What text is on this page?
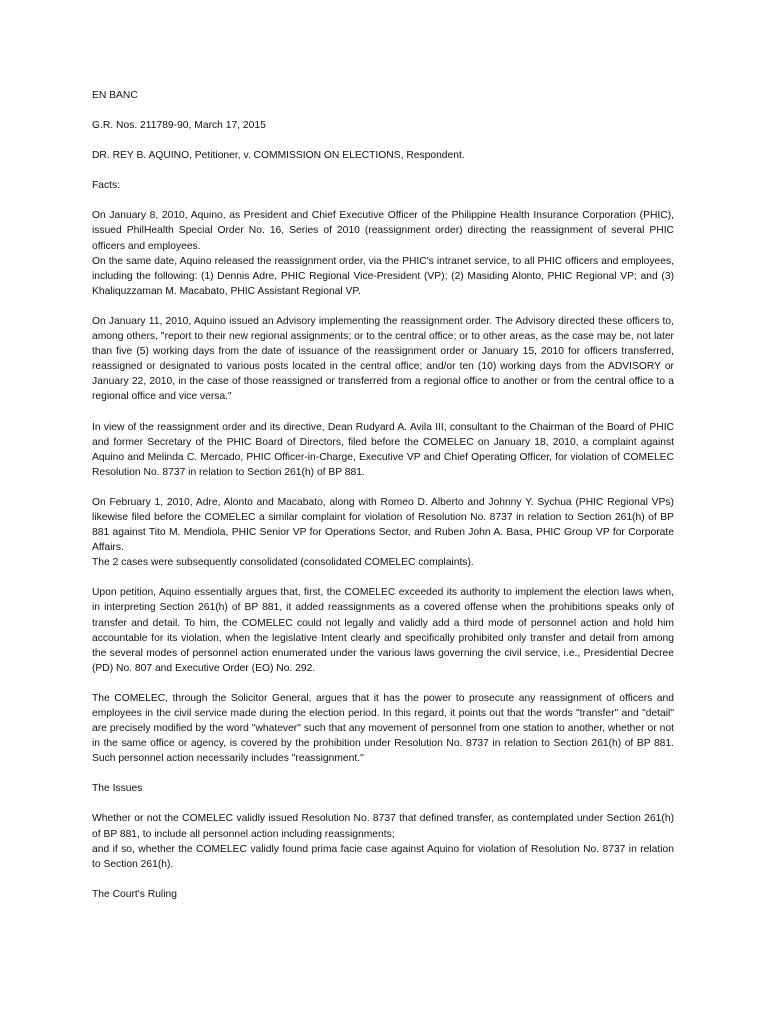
EN BANC

G.R. Nos. 211789-90, March 17, 2015

DR. REY B. AQUINO, Petitioner, v. COMMISSION ON ELECTIONS, Respondent.

Facts:

On January 8, 2010, Aquino, as President and Chief Executive Officer of the Philippine Health Insurance Corporation (PHIC), issued PhilHealth Special Order No. 16, Series of 2010 (reassignment order) directing the reassignment of several PHIC officers and employees.

On the same date, Aquino released the reassignment order, via the PHIC's intranet service, to all PHIC officers and employees, including the following: (1) Dennis Adre, PHIC Regional Vice-President (VP); (2) Masiding Alonto, PHIC Regional VP; and (3) Khaliquzzaman M. Macabato, PHIC Assistant Regional VP.

On January 11, 2010, Aquino issued an Advisory implementing the reassignment order. The Advisory directed these officers to, among others, "report to their new regional assignments; or to the central office; or to other areas, as the case may be, not later than five (5) working days from the date of issuance of the reassignment order or January 15, 2010 for officers transferred, reassigned or designated to various posts located in the central office; and/or ten (10) working days from the ADVISORY or January 22, 2010, in the case of those reassigned or transferred from a regional office to another or from the central office to a regional office and vice versa."

In view of the reassignment order and its directive, Dean Rudyard A. Avila III, consultant to the Chairman of the Board of PHIC and former Secretary of the PHIC Board of Directors, filed before the COMELEC on January 18, 2010, a complaint against Aquino and Melinda C. Mercado, PHIC Officer-in-Charge, Executive VP and Chief Operating Officer, for violation of COMELEC Resolution No. 8737 in relation to Section 261(h) of BP 881.

On February 1, 2010, Adre, Alonto and Macabato, along with Romeo D. Alberto and Johnny Y. Sychua (PHIC Regional VPs) likewise filed before the COMELEC a similar complaint for violation of Resolution No. 8737 in relation to Section 261(h) of BP 881 against Tito M. Mendiola, PHIC Senior VP for Operations Sector, and Ruben John A. Basa, PHIC Group VP for Corporate Affairs.

The 2 cases were subsequently consolidated (consolidated COMELEC complaints).

Upon petition, Aquino essentially argues that, first, the COMELEC exceeded its authority to implement the election laws when, in interpreting Section 261(h) of BP 881, it added reassignments as a covered offense when the prohibitions speaks only of transfer and detail. To him, the COMELEC could not legally and validly add a third mode of personnel action and hold him accountable for its violation, when the legislative Intent clearly and specifically prohibited only transfer and detail from among the several modes of personnel action enumerated under the various laws governing the civil service, i.e., Presidential Decree (PD) No. 807 and Executive Order (EO) No. 292.

The COMELEC, through the Solicitor General, argues that it has the power to prosecute any reassignment of officers and employees in the civil service made during the election period. In this regard, it points out that the words "transfer" and "detail" are precisely modified by the word "whatever" such that any movement of personnel from one station to another, whether or not in the same office or agency, is covered by the prohibition under Resolution No. 8737 in relation to Section 261(h) of BP 881. Such personnel action necessarily includes "reassignment."

The Issues

Whether or not the COMELEC validly issued Resolution No. 8737 that defined transfer, as contemplated under Section 261(h) of BP 881, to include all personnel action including reassignments;

and if so, whether the COMELEC validly found prima facie case against Aquino for violation of Resolution No. 8737 in relation to Section 261(h).

The Court's Ruling
